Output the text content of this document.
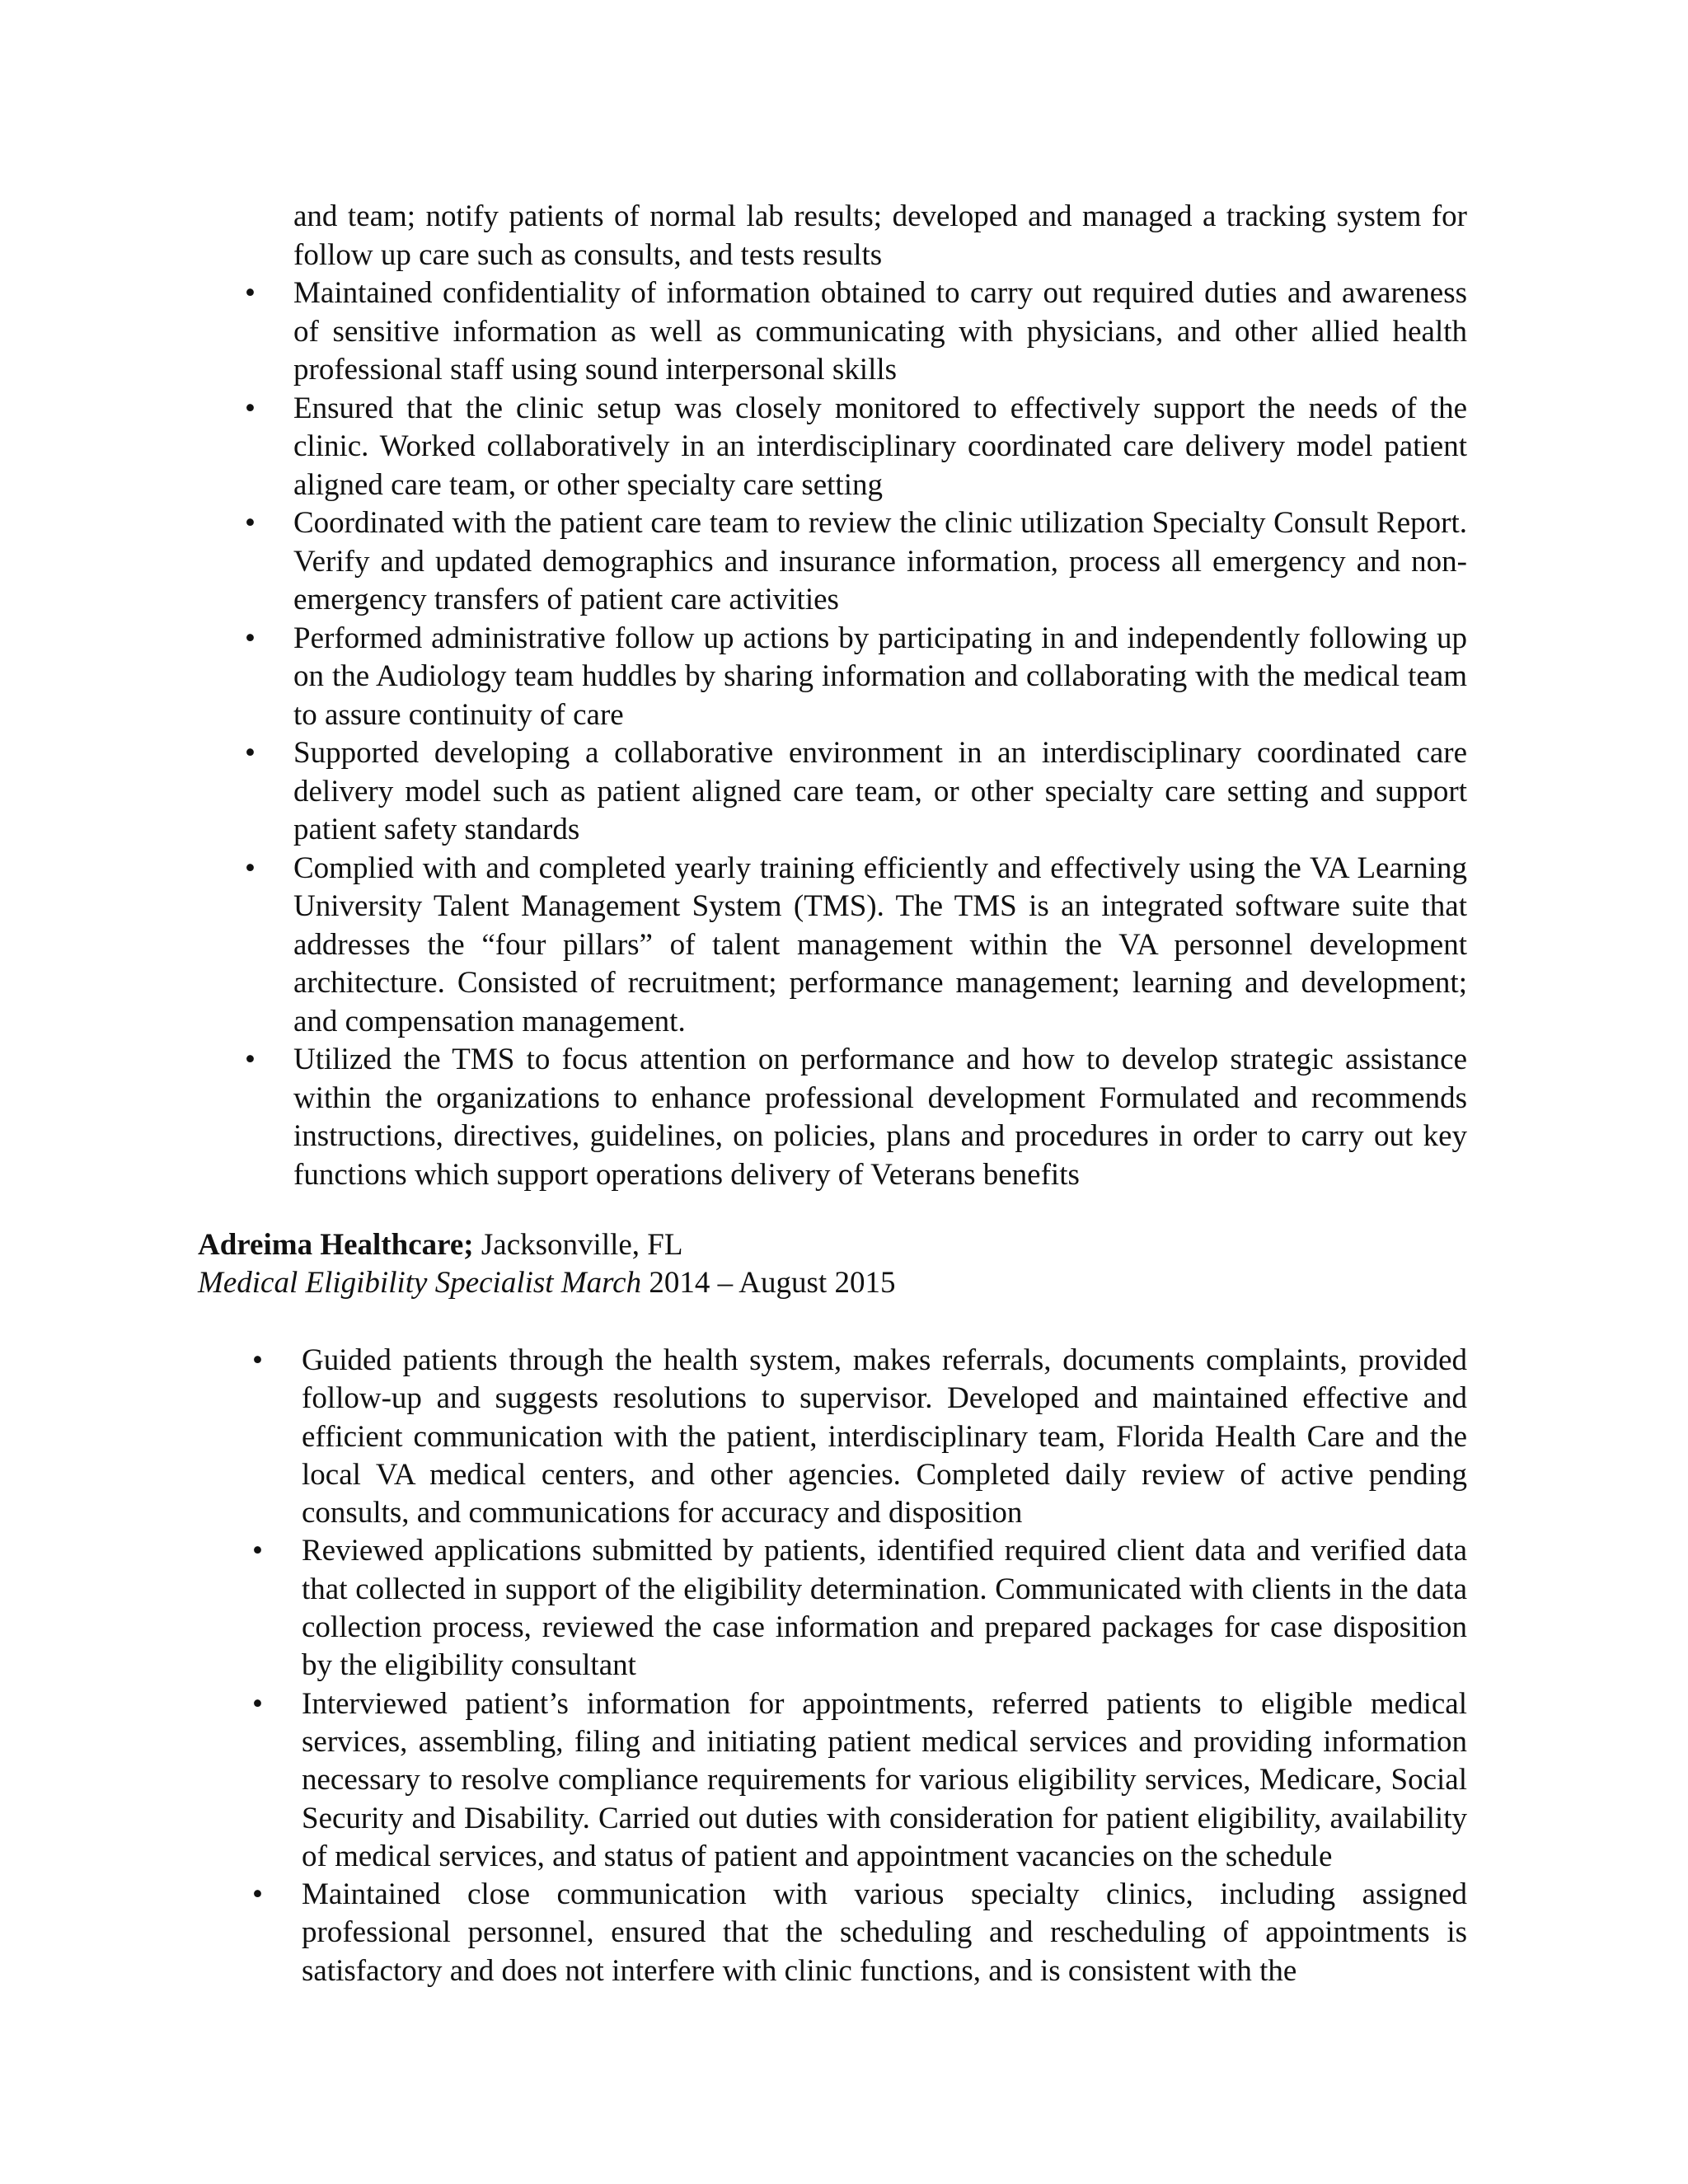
and team; notify patients of normal lab results; developed and managed a tracking system for follow up care such as consults, and tests results
• Maintained confidentiality of information obtained to carry out required duties and awareness of sensitive information as well as communicating with physicians, and other allied health professional staff using sound interpersonal skills
• Ensured that the clinic setup was closely monitored to effectively support the needs of the clinic. Worked collaboratively in an interdisciplinary coordinated care delivery model patient aligned care team, or other specialty care setting
• Coordinated with the patient care team to review the clinic utilization Specialty Consult Report. Verify and updated demographics and insurance information, process all emergency and non-emergency transfers of patient care activities
• Performed administrative follow up actions by participating in and independently following up on the Audiology team huddles by sharing information and collaborating with the medical team to assure continuity of care
• Supported developing a collaborative environment in an interdisciplinary coordinated care delivery model such as patient aligned care team, or other specialty care setting and support patient safety standards
• Complied with and completed yearly training efficiently and effectively using the VA Learning University Talent Management System (TMS). The TMS is an integrated software suite that addresses the “four pillars” of talent management within the VA personnel development architecture. Consisted of recruitment; performance management; learning and development; and compensation management.
• Utilized the TMS to focus attention on performance and how to develop strategic assistance within the organizations to enhance professional development Formulated and recommends instructions, directives, guidelines, on policies, plans and procedures in order to carry out key functions which support operations delivery of Veterans benefits
Adreima Healthcare; Jacksonville, FL
Medical Eligibility Specialist March 2014 – August 2015
• Guided patients through the health system, makes referrals, documents complaints, provided follow-up and suggests resolutions to supervisor. Developed and maintained effective and efficient communication with the patient, interdisciplinary team, Florida Health Care and the local VA medical centers, and other agencies. Completed daily review of active pending consults, and communications for accuracy and disposition
• Reviewed applications submitted by patients, identified required client data and verified data that collected in support of the eligibility determination. Communicated with clients in the data collection process, reviewed the case information and prepared packages for case disposition by the eligibility consultant
• Interviewed patient’s information for appointments, referred patients to eligible medical services, assembling, filing and initiating patient medical services and providing information necessary to resolve compliance requirements for various eligibility services, Medicare, Social Security and Disability. Carried out duties with consideration for patient eligibility, availability of medical services, and status of patient and appointment vacancies on the schedule
• Maintained close communication with various specialty clinics, including assigned professional personnel, ensured that the scheduling and rescheduling of appointments is satisfactory and does not interfere with clinic functions, and is consistent with the
